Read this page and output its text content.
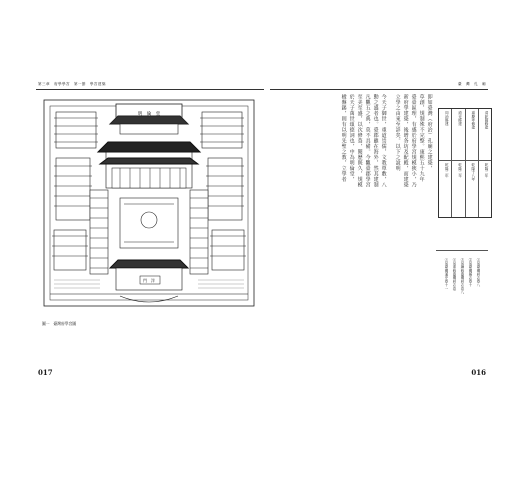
第三章　府學學宮　第一節　學宮建築
明　倫　堂
門　泮
圖一　臺灣府學宮圖
017
臺　灣　孔　廟
清乾隆修建
乾隆二年
嘉慶年修建
乾隆十八年
道光修建
乾隆二年
同治修建
乾隆二年
①見臺灣府志卷八
②見臺灣縣志卷十
③見續修臺灣府志卷八
④見重修臺灣府志卷
⑤見臺灣通史卷十一
016
即如臺灣（府治）孔廟之建築，
草創，規制殊不完整。康熙五十九年
臺臺區理，有感於府學宮規模狹小，乃
新府學建築，後增各坊及配殿，而建築
立學之由來至詳矣。以下之說明
今天子御世，重道崇儒，文教覃敷，八
動之盛者也。臺郡雖在海外，然其建制
凡觀五之典，莫不具備。今觀臺郡學宮
至美至盛，以次修葺，閱歷既久，規模
於天子萬世頌德詞也，中為明倫堂，
楹盤錫，則有以明先聖之教，立學者
